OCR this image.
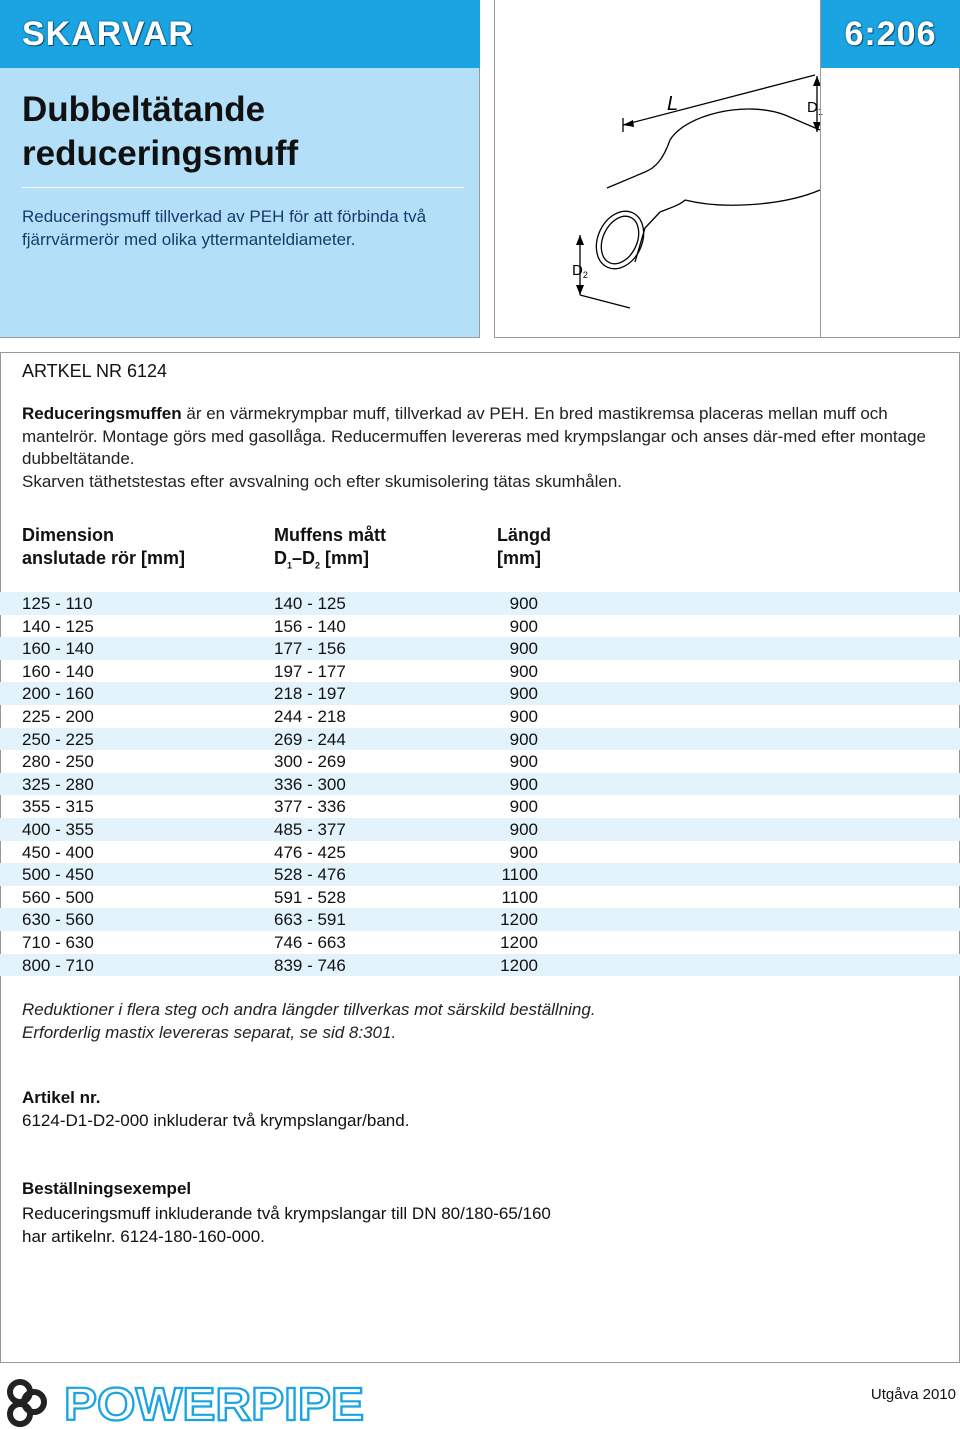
SKARVAR	6:206
Dubbeltätande
reduceringsmuff
Reduceringsmuff tillverkad av PEH för att förbinda två fjärrvärmerör med olika yttermanteldiameter.
L	$D_1$
$D_2$
ARTKEL NR 6124
Reduceringsmuffen är en värmekrympbar muff, tillverkad av PEH. En bred mastikremsa placeras mellan muff och mantelrör. Montage görs med gasollåga. Reducermuffen levereras med krympslangar och anses där-med efter montage dubbeltätande.
Skarven täthetstestas efter avsvalning och efter skumisolering tätas skumhålen.
Dimension
anslutade rör [mm]
Muffens mått
$D_1-D_2$ [mm]
Längd
[mm]
125 - 110	140 - 125	900
140 - 125	156 - 140	900
160 - 140	177 - 156	900
160 - 140	197 - 177	900
200 - 160	218 - 197	900
225 - 200	244 - 218	900
250 - 225	269 - 244	900
280 - 250	300 - 269	900
325 - 280	336 - 300	900
355 - 315	377 - 336	900
400 - 355	485 - 377	900
450 - 400	476 - 425	900
500 - 450	528 - 476	1100
560 - 500	591 - 528	1100
630 - 560	663 - 591	1200
710 - 630	746 - 663	1200
800 - 710	839 - 746	1200
Reduktioner i flera steg och andra längder tillverkas mot särskild beställning.
Erforderlig mastix levereras separat, se sid 8:301.
Artikel nr.
6124-D1-D2-000 inkluderar två krympslangar/band.
Beställningsexempel
Reduceringsmuff inkluderande två krympslangar till DN 80/180-65/160
har artikelnr. 6124-180-160-000.
POWERPIPE	Utgåva 2010
